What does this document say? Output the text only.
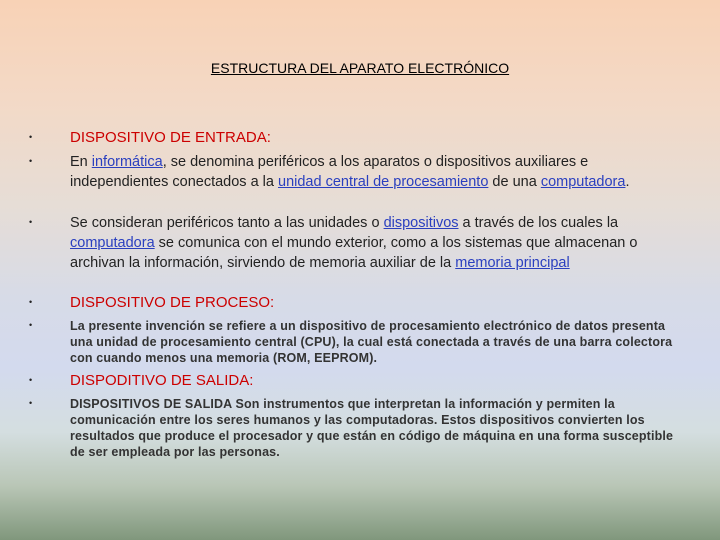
ESTRUCTURA DEL APARATO ELECTRÓNICO

•	DISPOSITIVO DE ENTRADA:

•	En informática, se denomina periféricos a los aparatos o dispositivos auxiliares e independientes conectados a la unidad central de procesamiento de una computadora.

•	Se consideran periféricos tanto a las unidades o dispositivos a través de los cuales la computadora se comunica con el mundo exterior, como a los sistemas que almacenan o archivan la información, sirviendo de memoria auxiliar de la memoria principal

•	DISPOSITIVO DE PROCESO:

•	La presente invención se refiere a un dispositivo de procesamiento electrónico de datos presenta una unidad de procesamiento central (CPU), la cual está conectada a través de una barra colectora con cuando menos una memoria (ROM, EEPROM).

•	DISPODITIVO DE SALIDA:

•	DISPOSITIVOS DE SALIDA Son instrumentos que interpretan la información y permiten la comunicación entre los seres humanos y las computadoras. Estos dispositivos convierten los resultados que produce el procesador y que están en código de máquina en una forma susceptible de ser empleada por las personas.
